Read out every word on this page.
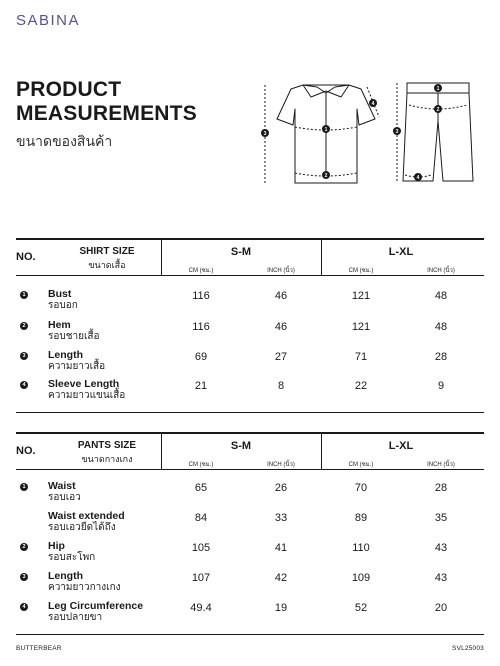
SABINA
PRODUCT
MEASUREMENTS
ขนาดของสินค้า
1
2
3
4
1
2
3
4
NO.	SHIRT SIZE
ขนาดเสื้อ
S-M	L-XL
CM (ซม.)	INCH (นิ้ว)	CM (ซม.)	INCH (นิ้ว)
1 Bust
รอบอก
116	46	121	48
2 Hem
รอบชายเสื้อ
116	46	121	48
3 Length
ความยาวเสื้อ
69	27	71	28
4 Sleeve Length
ความยาวแขนเสื้อ
21	8	22	9
NO.	PANTS SIZE
ขนาดกางเกง
S-M	L-XL
CM (ซม.)	INCH (นิ้ว)	CM (ซม.)	INCH (นิ้ว)
1 Waist
รอบเอว
65	26	70	28
Waist extended
รอบเอวยืดได้ถึง
84	33	89	35
2 Hip
รอบสะโพก
105	41	110	43
3 Length
ความยาวกางเกง
107	42	109	43
4 Leg Circumference
รอบปลายขา
49.4	19	52	20
BUTTERBEAR	SVL25003
